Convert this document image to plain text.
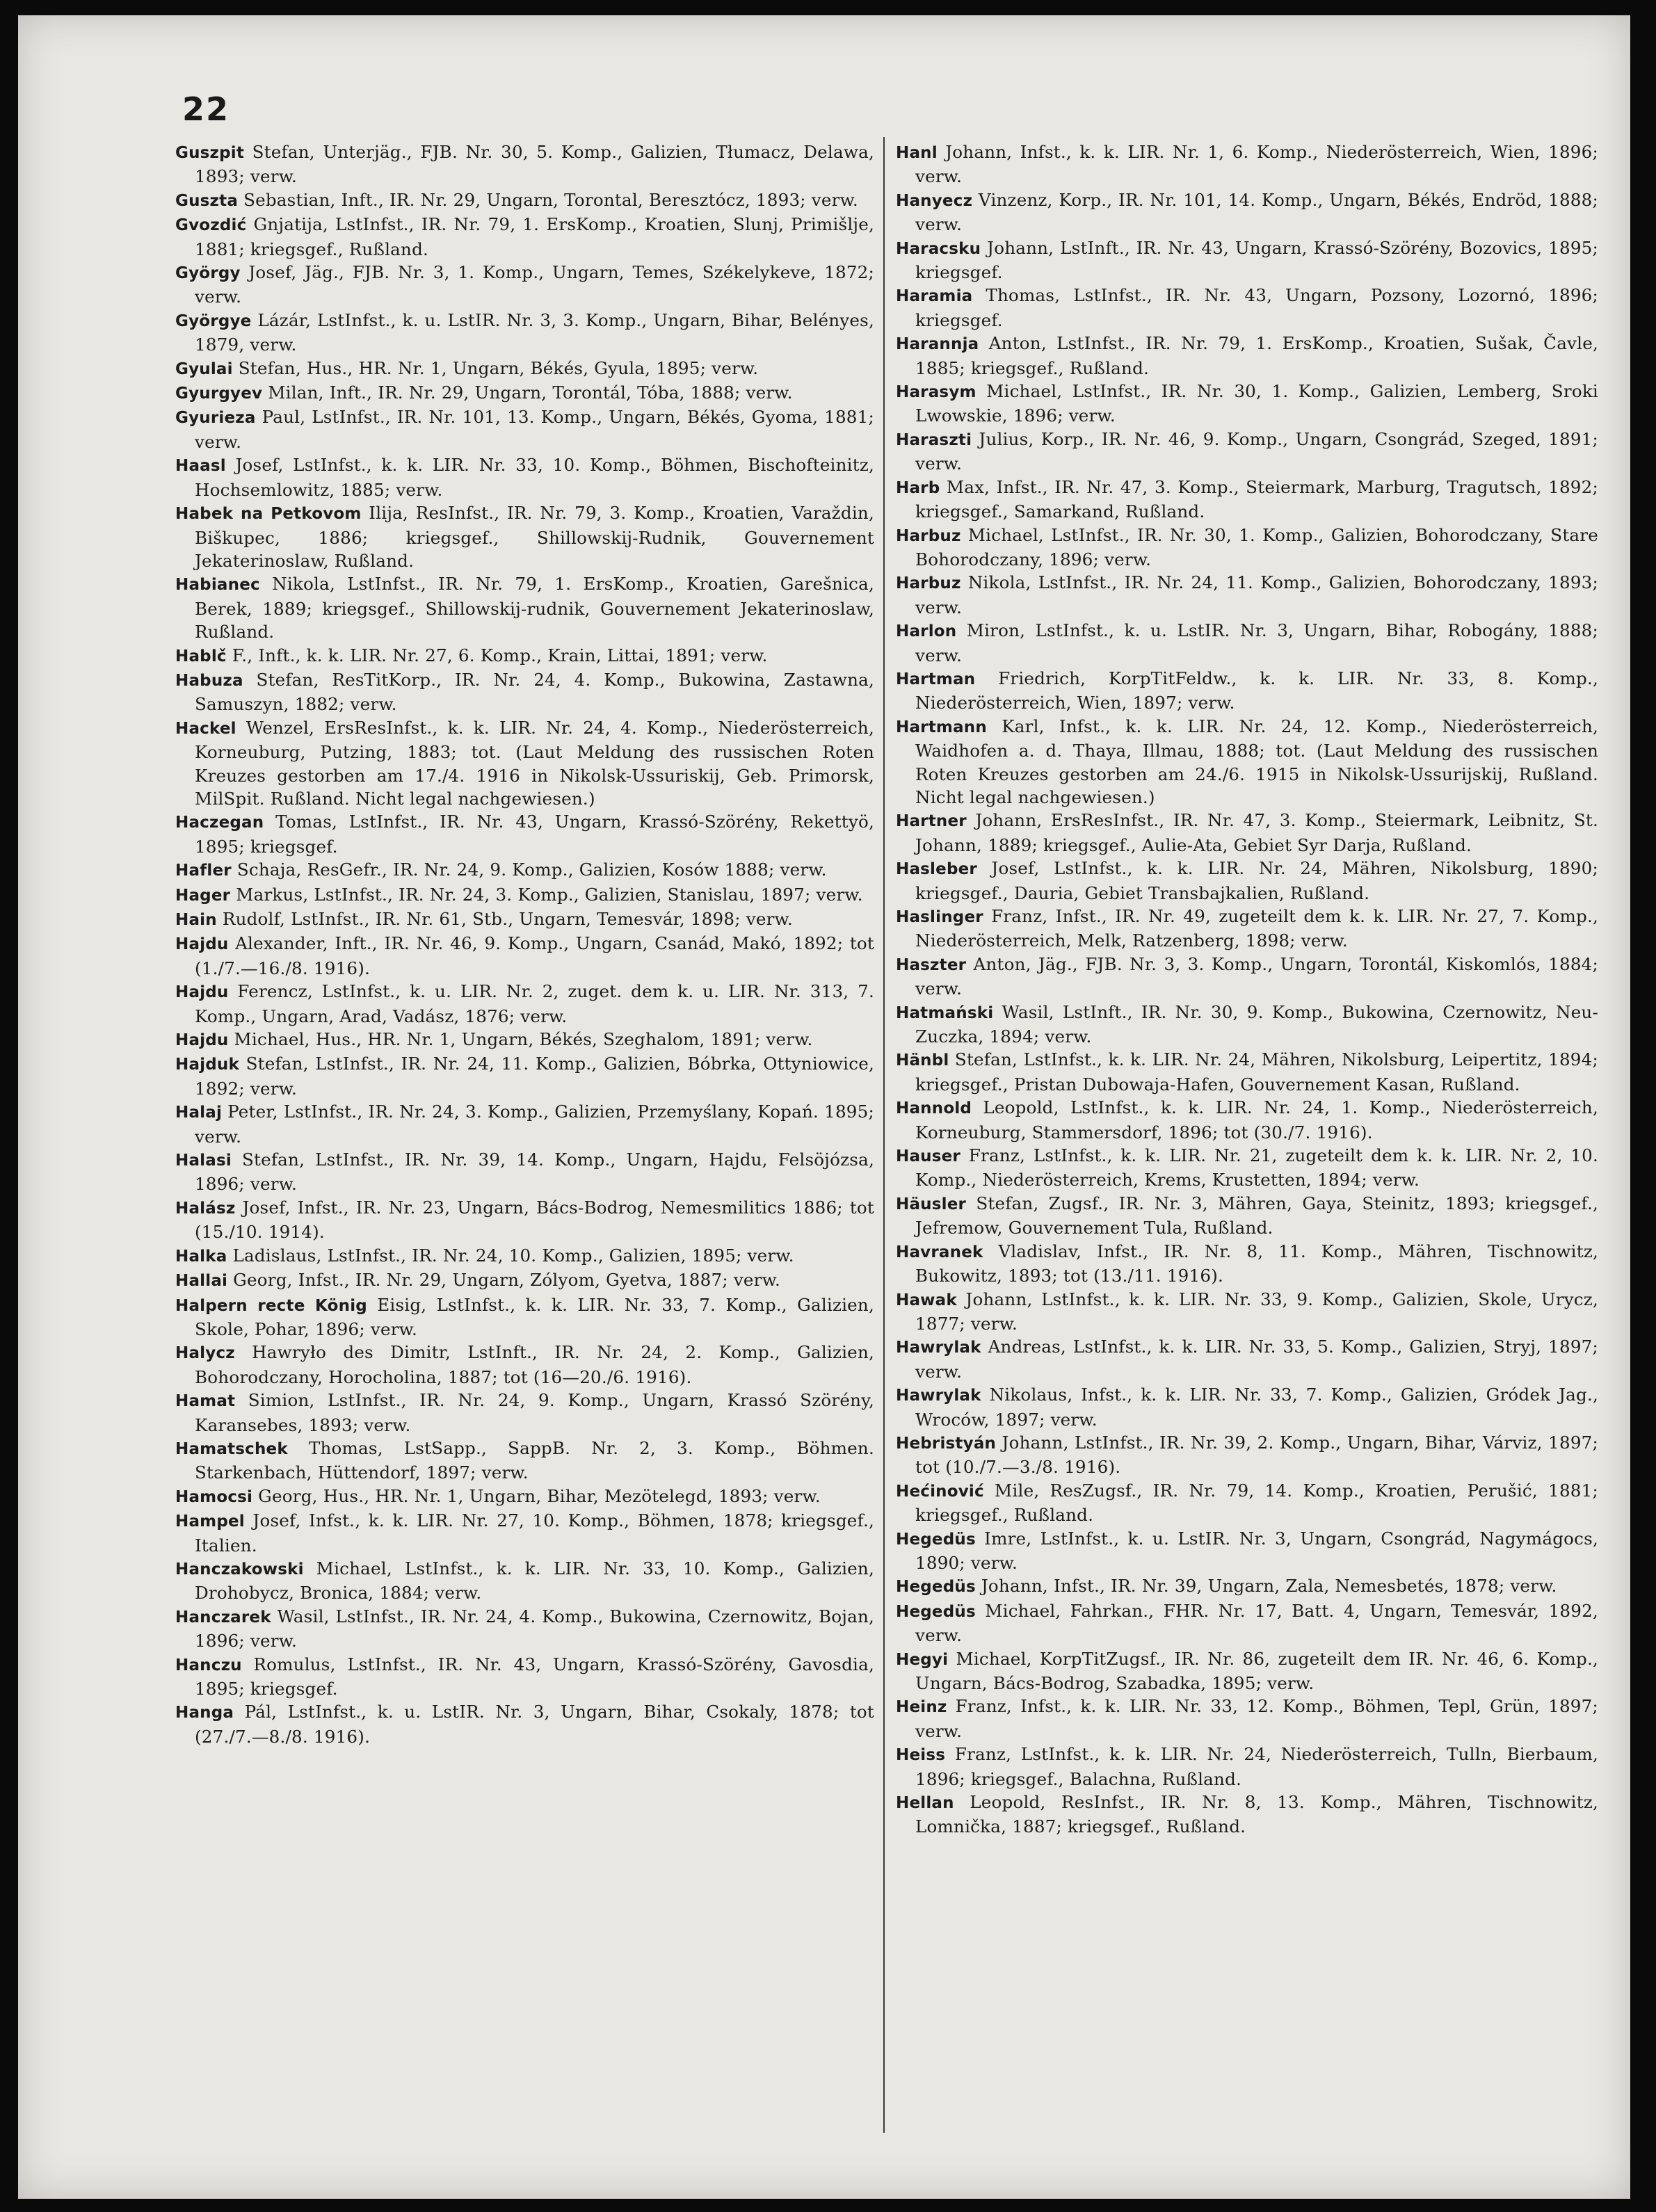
22

Guszpit Stefan, Unterjäg., FJB. Nr. 30, 5. Komp., Galizien, Tłumacz, Delawa, 1893; verw.

Guszta Sebastian, Inft., IR. Nr. 29, Ungarn, Torontal, Beresztócz, 1893; verw.

Gvozdić Gnjatija, LstInfst., IR. Nr. 79, 1. ErsKomp., Kroatien, Slunj, Primišlje, 1881; kriegsgef., Rußland.

György Josef, Jäg., FJB. Nr. 3, 1. Komp., Ungarn, Temes, Székelykeve, 1872; verw.

Györgye Lázár, LstInfst., k. u. LstIR. Nr. 3, 3. Komp., Ungarn, Bihar, Belényes, 1879, verw.

Gyulai Stefan, Hus., HR. Nr. 1, Ungarn, Békés, Gyula, 1895; verw.

Gyurgyev Milan, Inft., IR. Nr. 29, Ungarn, Torontál, Tóba, 1888; verw.

Gyurieza Paul, LstInfst., IR. Nr. 101, 13. Komp., Ungarn, Békés, Gyoma, 1881; verw.

Haasl Josef, LstInfst., k. k. LIR. Nr. 33, 10. Komp., Böhmen, Bischofteinitz, Hochsemlowitz, 1885; verw.

Habek na Petkovom Ilija, ResInfst., IR. Nr. 79, 3. Komp., Kroatien, Varaždin, Biškupec, 1886; kriegsgef., Shillowskij-Rudnik, Gouvernement Jekaterinoslaw, Rußland.

Habianec Nikola, LstInfst., IR. Nr. 79, 1. ErsKomp., Kroatien, Garešnica, Berek, 1889; kriegsgef., Shillowskij-rudnik, Gouvernement Jekaterinoslaw, Rußland.

Hablč F., Inft., k. k. LIR. Nr. 27, 6. Komp., Krain, Littai, 1891; verw.

Habuza Stefan, ResTitKorp., IR. Nr. 24, 4. Komp., Bukowina, Zastawna, Samuszyn, 1882; verw.

Hackel Wenzel, ErsResInfst., k. k. LIR. Nr. 24, 4. Komp., Niederösterreich, Korneuburg, Putzing, 1883; tot. (Laut Meldung des russischen Roten Kreuzes gestorben am 17./4. 1916 in Nikolsk-Ussuriskij, Geb. Primorsk, MilSpit. Rußland. Nicht legal nachgewiesen.)

Haczegan Tomas, LstInfst., IR. Nr. 43, Ungarn, Krassó-Szörény, Rekettyö, 1895; kriegsgef.

Hafler Schaja, ResGefr., IR. Nr. 24, 9. Komp., Galizien, Kosów 1888; verw.

Hager Markus, LstInfst., IR. Nr. 24, 3. Komp., Galizien, Stanislau, 1897; verw.

Hain Rudolf, LstInfst., IR. Nr. 61, Stb., Ungarn, Temesvár, 1898; verw.

Hajdu Alexander, Inft., IR. Nr. 46, 9. Komp., Ungarn, Csanád, Makó, 1892; tot (1./7.—16./8. 1916).

Hajdu Ferencz, LstInfst., k. u. LIR. Nr. 2, zuget. dem k. u. LIR. Nr. 313, 7. Komp., Ungarn, Arad, Vadász, 1876; verw.

Hajdu Michael, Hus., HR. Nr. 1, Ungarn, Békés, Szeghalom, 1891; verw.

Hajduk Stefan, LstInfst., IR. Nr. 24, 11. Komp., Galizien, Bóbrka, Ottyniowice, 1892; verw.

Halaj Peter, LstInfst., IR. Nr. 24, 3. Komp., Galizien, Przemyślany, Kopań. 1895; verw.

Halasi Stefan, LstInfst., IR. Nr. 39, 14. Komp., Ungarn, Hajdu, Felsöjózsa, 1896; verw.

Halász Josef, Infst., IR. Nr. 23, Ungarn, Bács-Bodrog, Nemesmilitics 1886; tot (15./10. 1914).

Halka Ladislaus, LstInfst., IR. Nr. 24, 10. Komp., Galizien, 1895; verw.

Hallai Georg, Infst., IR. Nr. 29, Ungarn, Zólyom, Gyetva, 1887; verw.

Halpern recte König Eisig, LstInfst., k. k. LIR. Nr. 33, 7. Komp., Galizien, Skole, Pohar, 1896; verw.

Halycz Hawryło des Dimitr, LstInft., IR. Nr. 24, 2. Komp., Galizien, Bohorodczany, Horocholina, 1887; tot (16—20./6. 1916).

Hamat Simion, LstInfst., IR. Nr. 24, 9. Komp., Ungarn, Krassó Szörény, Karansebes, 1893; verw.

Hamatschek Thomas, LstSapp., SappB. Nr. 2, 3. Komp., Böhmen. Starkenbach, Hüttendorf, 1897; verw.

Hamocsi Georg, Hus., HR. Nr. 1, Ungarn, Bihar, Mezötelegd, 1893; verw.

Hampel Josef, Infst., k. k. LIR. Nr. 27, 10. Komp., Böhmen, 1878; kriegsgef., Italien.

Hanczakowski Michael, LstInfst., k. k. LIR. Nr. 33, 10. Komp., Galizien, Drohobycz, Bronica, 1884; verw.

Hanczarek Wasil, LstInfst., IR. Nr. 24, 4. Komp., Bukowina, Czernowitz, Bojan, 1896; verw.

Hanczu Romulus, LstInfst., IR. Nr. 43, Ungarn, Krassó-Szörény, Gavosdia, 1895; kriegsgef.

Hanga Pál, LstInfst., k. u. LstIR. Nr. 3, Ungarn, Bihar, Csokaly, 1878; tot (27./7.—8./8. 1916).

Hanl Johann, Infst., k. k. LIR. Nr. 1, 6. Komp., Niederösterreich, Wien, 1896; verw.

Hanyecz Vinzenz, Korp., IR. Nr. 101, 14. Komp., Ungarn, Békés, Endröd, 1888; verw.

Haracsku Johann, LstInft., IR. Nr. 43, Ungarn, Krassó-Szörény, Bozovics, 1895; kriegsgef.

Haramia Thomas, LstInfst., IR. Nr. 43, Ungarn, Pozsony, Lozornó, 1896; kriegsgef.

Harannja Anton, LstInfst., IR. Nr. 79, 1. ErsKomp., Kroatien, Sušak, Čavle, 1885; kriegsgef., Rußland.

Harasym Michael, LstInfst., IR. Nr. 30, 1. Komp., Galizien, Lemberg, Sroki Lwowskie, 1896; verw.

Haraszti Julius, Korp., IR. Nr. 46, 9. Komp., Ungarn, Csongrád, Szeged, 1891; verw.

Harb Max, Infst., IR. Nr. 47, 3. Komp., Steiermark, Marburg, Tragutsch, 1892; kriegsgef., Samarkand, Rußland.

Harbuz Michael, LstInfst., IR. Nr. 30, 1. Komp., Galizien, Bohorodczany, Stare Bohorodczany, 1896; verw.

Harbuz Nikola, LstInfst., IR. Nr. 24, 11. Komp., Galizien, Bohorodczany, 1893; verw.

Harlon Miron, LstInfst., k. u. LstIR. Nr. 3, Ungarn, Bihar, Robogány, 1888; verw.

Hartman Friedrich, KorpTitFeldw., k. k. LIR. Nr. 33, 8. Komp., Niederösterreich, Wien, 1897; verw.

Hartmann Karl, Infst., k. k. LIR. Nr. 24, 12. Komp., Niederösterreich, Waidhofen a. d. Thaya, Illmau, 1888; tot. (Laut Meldung des russischen Roten Kreuzes gestorben am 24./6. 1915 in Nikolsk-Ussurijskij, Rußland. Nicht legal nachgewiesen.)

Hartner Johann, ErsResInfst., IR. Nr. 47, 3. Komp., Steiermark, Leibnitz, St. Johann, 1889; kriegsgef., Aulie-Ata, Gebiet Syr Darja, Rußland.

Hasleber Josef, LstInfst., k. k. LIR. Nr. 24, Mähren, Nikolsburg, 1890; kriegsgef., Dauria, Gebiet Transbajkalien, Rußland.

Haslinger Franz, Infst., IR. Nr. 49, zugeteilt dem k. k. LIR. Nr. 27, 7. Komp., Niederösterreich, Melk, Ratzenberg, 1898; verw.

Haszter Anton, Jäg., FJB. Nr. 3, 3. Komp., Ungarn, Torontál, Kiskomlós, 1884; verw.

Hatmański Wasil, LstInft., IR. Nr. 30, 9. Komp., Bukowina, Czernowitz, Neu-Zuczka, 1894; verw.

Hänbl Stefan, LstInfst., k. k. LIR. Nr. 24, Mähren, Nikolsburg, Leipertitz, 1894; kriegsgef., Pristan Dubowaja-Hafen, Gouvernement Kasan, Rußland.

Hannold Leopold, LstInfst., k. k. LIR. Nr. 24, 1. Komp., Niederösterreich, Korneuburg, Stammersdorf, 1896; tot (30./7. 1916).

Hauser Franz, LstInfst., k. k. LIR. Nr. 21, zugeteilt dem k. k. LIR. Nr. 2, 10. Komp., Niederösterreich, Krems, Krustetten, 1894; verw.

Häusler Stefan, Zugsf., IR. Nr. 3, Mähren, Gaya, Steinitz, 1893; kriegsgef., Jefremow, Gouvernement Tula, Rußland.

Havranek Vladislav, Infst., IR. Nr. 8, 11. Komp., Mähren, Tischnowitz, Bukowitz, 1893; tot (13./11. 1916).

Hawak Johann, LstInfst., k. k. LIR. Nr. 33, 9. Komp., Galizien, Skole, Urycz, 1877; verw.

Hawrylak Andreas, LstInfst., k. k. LIR. Nr. 33, 5. Komp., Galizien, Stryj, 1897; verw.

Hawrylak Nikolaus, Infst., k. k. LIR. Nr. 33, 7. Komp., Galizien, Gródek Jag., Wroców, 1897; verw.

Hebristyán Johann, LstInfst., IR. Nr. 39, 2. Komp., Ungarn, Bihar, Várviz, 1897; tot (10./7.—3./8. 1916).

Hećinović Mile, ResZugsf., IR. Nr. 79, 14. Komp., Kroatien, Perušić, 1881; kriegsgef., Rußland.

Hegedüs Imre, LstInfst., k. u. LstIR. Nr. 3, Ungarn, Csongrád, Nagymágocs, 1890; verw.

Hegedüs Johann, Infst., IR. Nr. 39, Ungarn, Zala, Nemesbetés, 1878; verw.

Hegedüs Michael, Fahrkan., FHR. Nr. 17, Batt. 4, Ungarn, Temesvár, 1892, verw.

Hegyi Michael, KorpTitZugsf., IR. Nr. 86, zugeteilt dem IR. Nr. 46, 6. Komp., Ungarn, Bács-Bodrog, Szabadka, 1895; verw.

Heinz Franz, Infst., k. k. LIR. Nr. 33, 12. Komp., Böhmen, Tepl, Grün, 1897; verw.

Heiss Franz, LstInfst., k. k. LIR. Nr. 24, Niederösterreich, Tulln, Bierbaum, 1896; kriegsgef., Balachna, Rußland.

Hellan Leopold, ResInfst., IR. Nr. 8, 13. Komp., Mähren, Tischnowitz, Lomnička, 1887; kriegsgef., Rußland.
